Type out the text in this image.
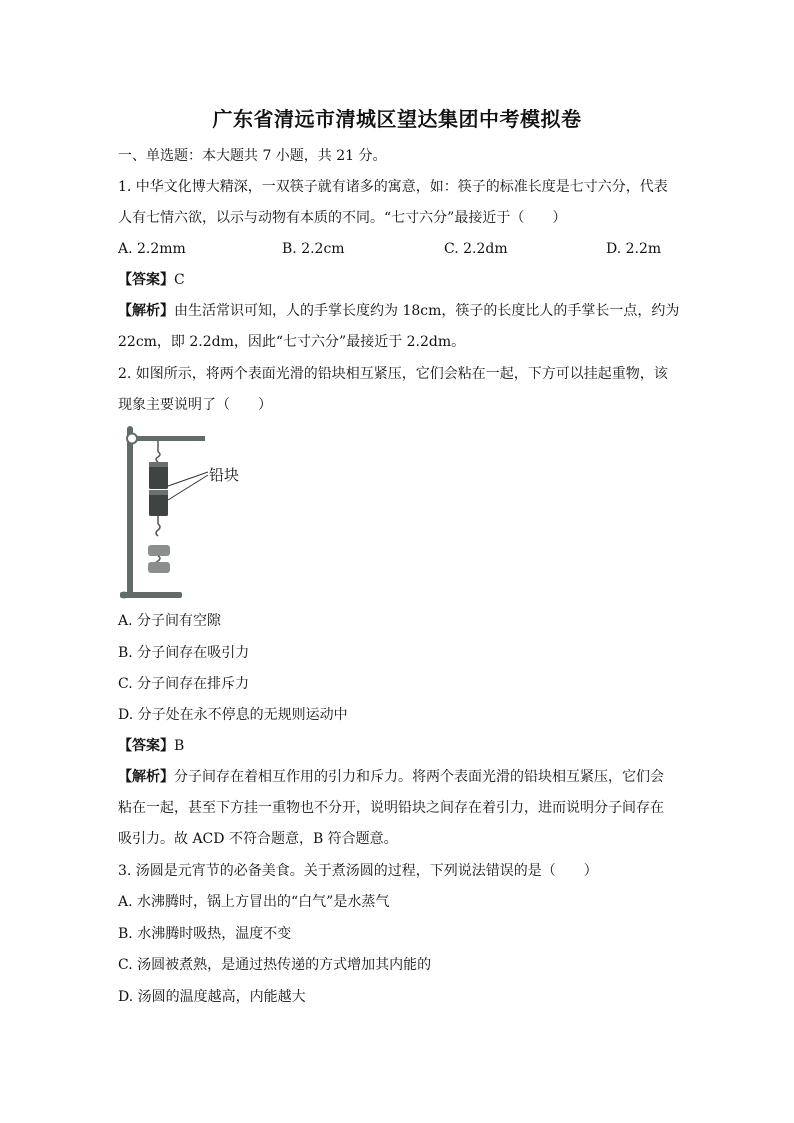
广东省清远市清城区望达集团中考模拟卷
一、单选题：本大题共 7 小题，共 21 分。
1. 中华文化博大精深，一双筷子就有诸多的寓意，如：筷子的标准长度是七寸六分，代表
人有七情六欲，以示与动物有本质的不同。“七寸六分”最接近于（　　）
A. 2.2mm	B. 2.2cm	C. 2.2dm	D. 2.2m
【答案】C
【解析】由生活常识可知，人的手掌长度约为 18cm，筷子的长度比人的手掌长一点，约为
22cm，即 2.2dm，因此“七寸六分”最接近于 2.2dm。
2. 如图所示，将两个表面光滑的铅块相互紧压，它们会粘在一起，下方可以挂起重物，该
现象主要说明了（　　）
铅块
A. 分子间有空隙
B. 分子间存在吸引力
C. 分子间存在排斥力
D. 分子处在永不停息的无规则运动中
【答案】B
【解析】分子间存在着相互作用的引力和斥力。将两个表面光滑的铅块相互紧压，它们会
粘在一起，甚至下方挂一重物也不分开，说明铅块之间存在着引力，进而说明分子间存在
吸引力。故 ACD 不符合题意，B 符合题意。
3. 汤圆是元宵节的必备美食。关于煮汤圆的过程，下列说法错误的是（　　）
A. 水沸腾时，锅上方冒出的“白气”是水蒸气
B. 水沸腾时吸热，温度不变
C. 汤圆被煮熟，是通过热传递的方式增加其内能的
D. 汤圆的温度越高，内能越大
